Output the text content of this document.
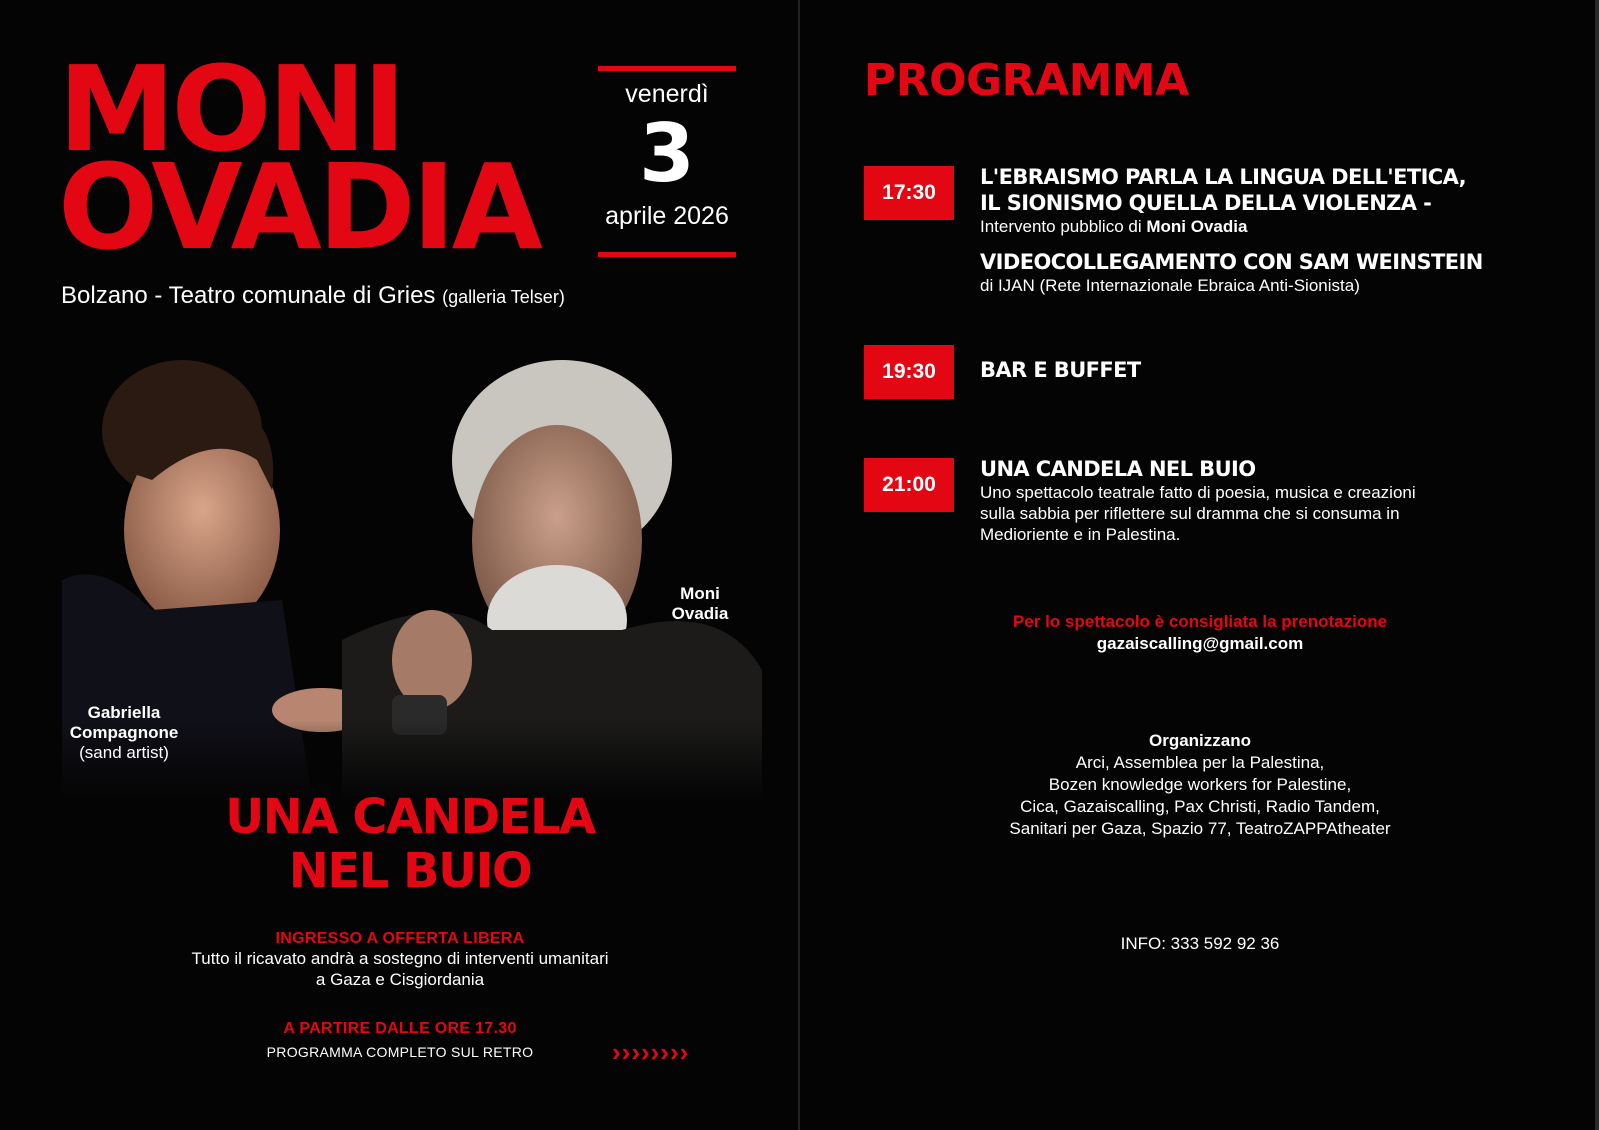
MONI
OVADIA
venerdì
3
aprile 2026
Bolzano - Teatro comunale di Gries (galleria Telser)
Moni
Ovadia
Gabriella
Compagnone
(sand artist)
UNA CANDELA
NEL BUIO
INGRESSO A OFFERTA LIBERA
Tutto il ricavato andrà a sostegno di interventi umanitari
a Gaza e Cisgiordania
A PARTIRE DALLE ORE 17.30
PROGRAMMA COMPLETO SUL RETRO	››››››››
PROGRAMMA
17:30
L'EBRAISMO PARLA LA LINGUA DELL'ETICA,
IL SIONISMO QUELLA DELLA VIOLENZA -
Intervento pubblico di Moni Ovadia
VIDEOCOLLEGAMENTO CON SAM WEINSTEIN
di IJAN (Rete Internazionale Ebraica Anti-Sionista)
19:30	BAR E BUFFET
21:00
UNA CANDELA NEL BUIO
Uno spettacolo teatrale fatto di poesia, musica e creazioni
sulla sabbia per riflettere sul dramma che si consuma in
Medioriente e in Palestina.
Per lo spettacolo è consigliata la prenotazione
gazaiscalling@gmail.com
Organizzano
Arci, Assemblea per la Palestina,
Bozen knowledge workers for Palestine,
Cica, Gazaiscalling, Pax Christi, Radio Tandem,
Sanitari per Gaza, Spazio 77, TeatroZAPPAtheater
INFO: 333 592 92 36
